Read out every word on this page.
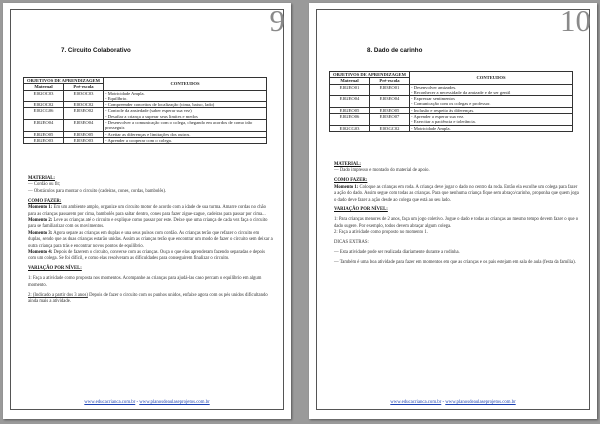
9
7. Circuito Colaborativo
OBJETIVOS DE APRENDIZAGEM		CONTEUDOS
Maternal	Pré-escola	
EI02OC03	EI03OC03	- Motricidade Ampla.
- Equilíbrio.
EI02OC02	EI03OC02	- Compreender conceitos de localização (cima, baixo, lado)
EI02CG06	EI03EO02	- Controle da ansiedade (saber esperar sua vez)
- Desafiar a criança a superar seus limites e medos
EI02EO04	EI03EO04	- Desenvolver a comunicação com o colega, chegando em acordos de como irão prosseguir.
EI02EO05	EI03EO05	- Aceitar as diferenças e limitações dos outros.
EI02EO03	EI03EO03	- Aprender a cooperar com o colega.

MATERIAL:

— Cordão ou fit;

— Obstáculos para montar o circuito (cadeiras, cones, cordas, bambolês).

COMO FAZER:

Momento 1: Em um ambiente amplo, organize um circuito motor de acordo com a idade de sua turma. Amarre cordas no chão para as crianças passarem por cima, bambolês para saltar dentro, cones para fazer zigue-zague, cadeiras para passar por cima...

Momento 2: Leve as crianças até o circuito e explique como passar por este. Deixe que uma criança de cada vez faça o circuito para se familiarizar com os movimentos.

Momento 3: Agora separe as crianças em duplas e una seus pulsos com cordão. As crianças terão que refazer o circuito em duplas, sendo que as duas crianças estarão unidas. Assim as crianças terão que encontrar um modo de fazer o circuito sem deixar a outra criança para trás e encontrar novos pontos de equilíbrio.

Momento 4: Depois de fazerem o circuito, converse com as crianças. Ouça o que elas aprenderam fazendo separadas e depois com um colega. Se foi difícil, e como elas resolveram as dificuldades para conseguirem finalizar o circuito.

VARIAÇÃO POR NÍVEL:

1: Faça a atividade como proposta nos momentos. Acompanhe as crianças para ajudá-las caso percam o equilíbrio em algum momento.

2: (Indicado a partir dos 3 anos) Depois de fazer o circuito com os punhos unidos, enfaixe agora com os pés unidos dificultando ainda mais a atividade.

www.educacrianca.com.br - www.planosdeaulaseprojetos.com.br
10
8. Dado de carinho
OBJETIVOS DE APRENDIZAGEM		CONTEUDOS
Maternal	Pré-escola	
EI02EO01	EI03EO01	- Desenvolver amizades.
- Reconhecer a necessidade da amizade e de ser gentil
EI02EO04	EI03EO04	- Expressar sentimentos
- Comunicação com os colegas e professor.
EI02EO05	EI03EO05	- Inclusão e respeito às diferenças.
EI02EO06	EI03EO07	- Aprender a esperar sua vez.
- Exercitar a paciência e tolerância.
EI02CG03	EI03GC02	- Motricidade Ampla.

MATERIAL:

— Dado impresso e montado do material de apoio.

COMO FAZER:

Momento 1: Coloque as crianças em roda. A criança deve jogar o dado no centro da roda. Então ela escolhe um colega para fazer a ação do dado. Assim segue com todas as crianças. Para que nenhuma criança fique sem abraço/carinho, proponha que quem joga o dado deve fazer a ação desde ao colega que está ao seu lado.

VARIAÇÃO POR NÍVEL:

1: Para crianças menores de 2 anos, faça um jogo coletivo. Jogue o dado e todas as crianças ao mesmo tempo devem fazer o que o dado sugere. Por exemplo, todos devem abraçar algum colega.

2: Faça a atividade como proposto no momento 1.

DICAS EXTRAS:

— Esta atividade pode ser realizada diariamente durante a rodinha.

— Também é uma boa atividade para fazer em momentos em que as crianças e os pais estejam em sala de aula (festa da família).

www.educacrianca.com.br - www.planosdeaulaseprojetos.com.br
